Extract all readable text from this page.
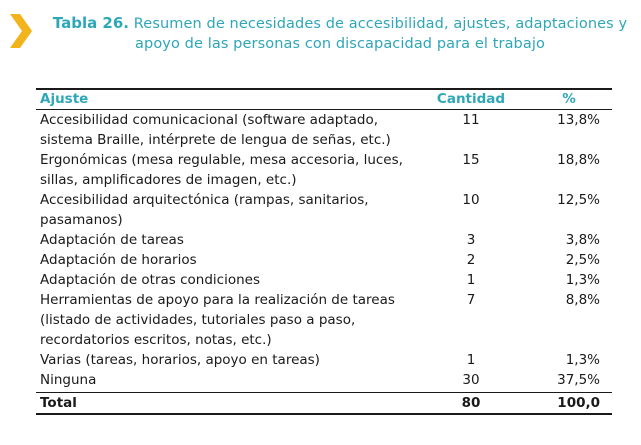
Tabla 26. Resumen de necesidades de accesibilidad, ajustes, adaptaciones y apoyo de las personas con discapacidad para el trabajo
Ajuste	Cantidad	%
Accesibilidad comunicacional (software adaptado, sistema Braille, intérprete de lengua de señas, etc.)	11	13,8%
Ergonómicas (mesa regulable, mesa accesoria, luces, sillas, amplificadores de imagen, etc.)	15	18,8%
Accesibilidad arquitectónica (rampas, sanitarios, pasamanos)	10	12,5%
Adaptación de tareas	3	3,8%
Adaptación de horarios	2	2,5%
Adaptación de otras condiciones	1	1,3%
Herramientas de apoyo para la realización de tareas (listado de actividades, tutoriales paso a paso, recordatorios escritos, notas, etc.)	7	8,8%
Varias (tareas, horarios, apoyo en tareas)	1	1,3%
Ninguna	30	37,5%
Total	80	100,0
